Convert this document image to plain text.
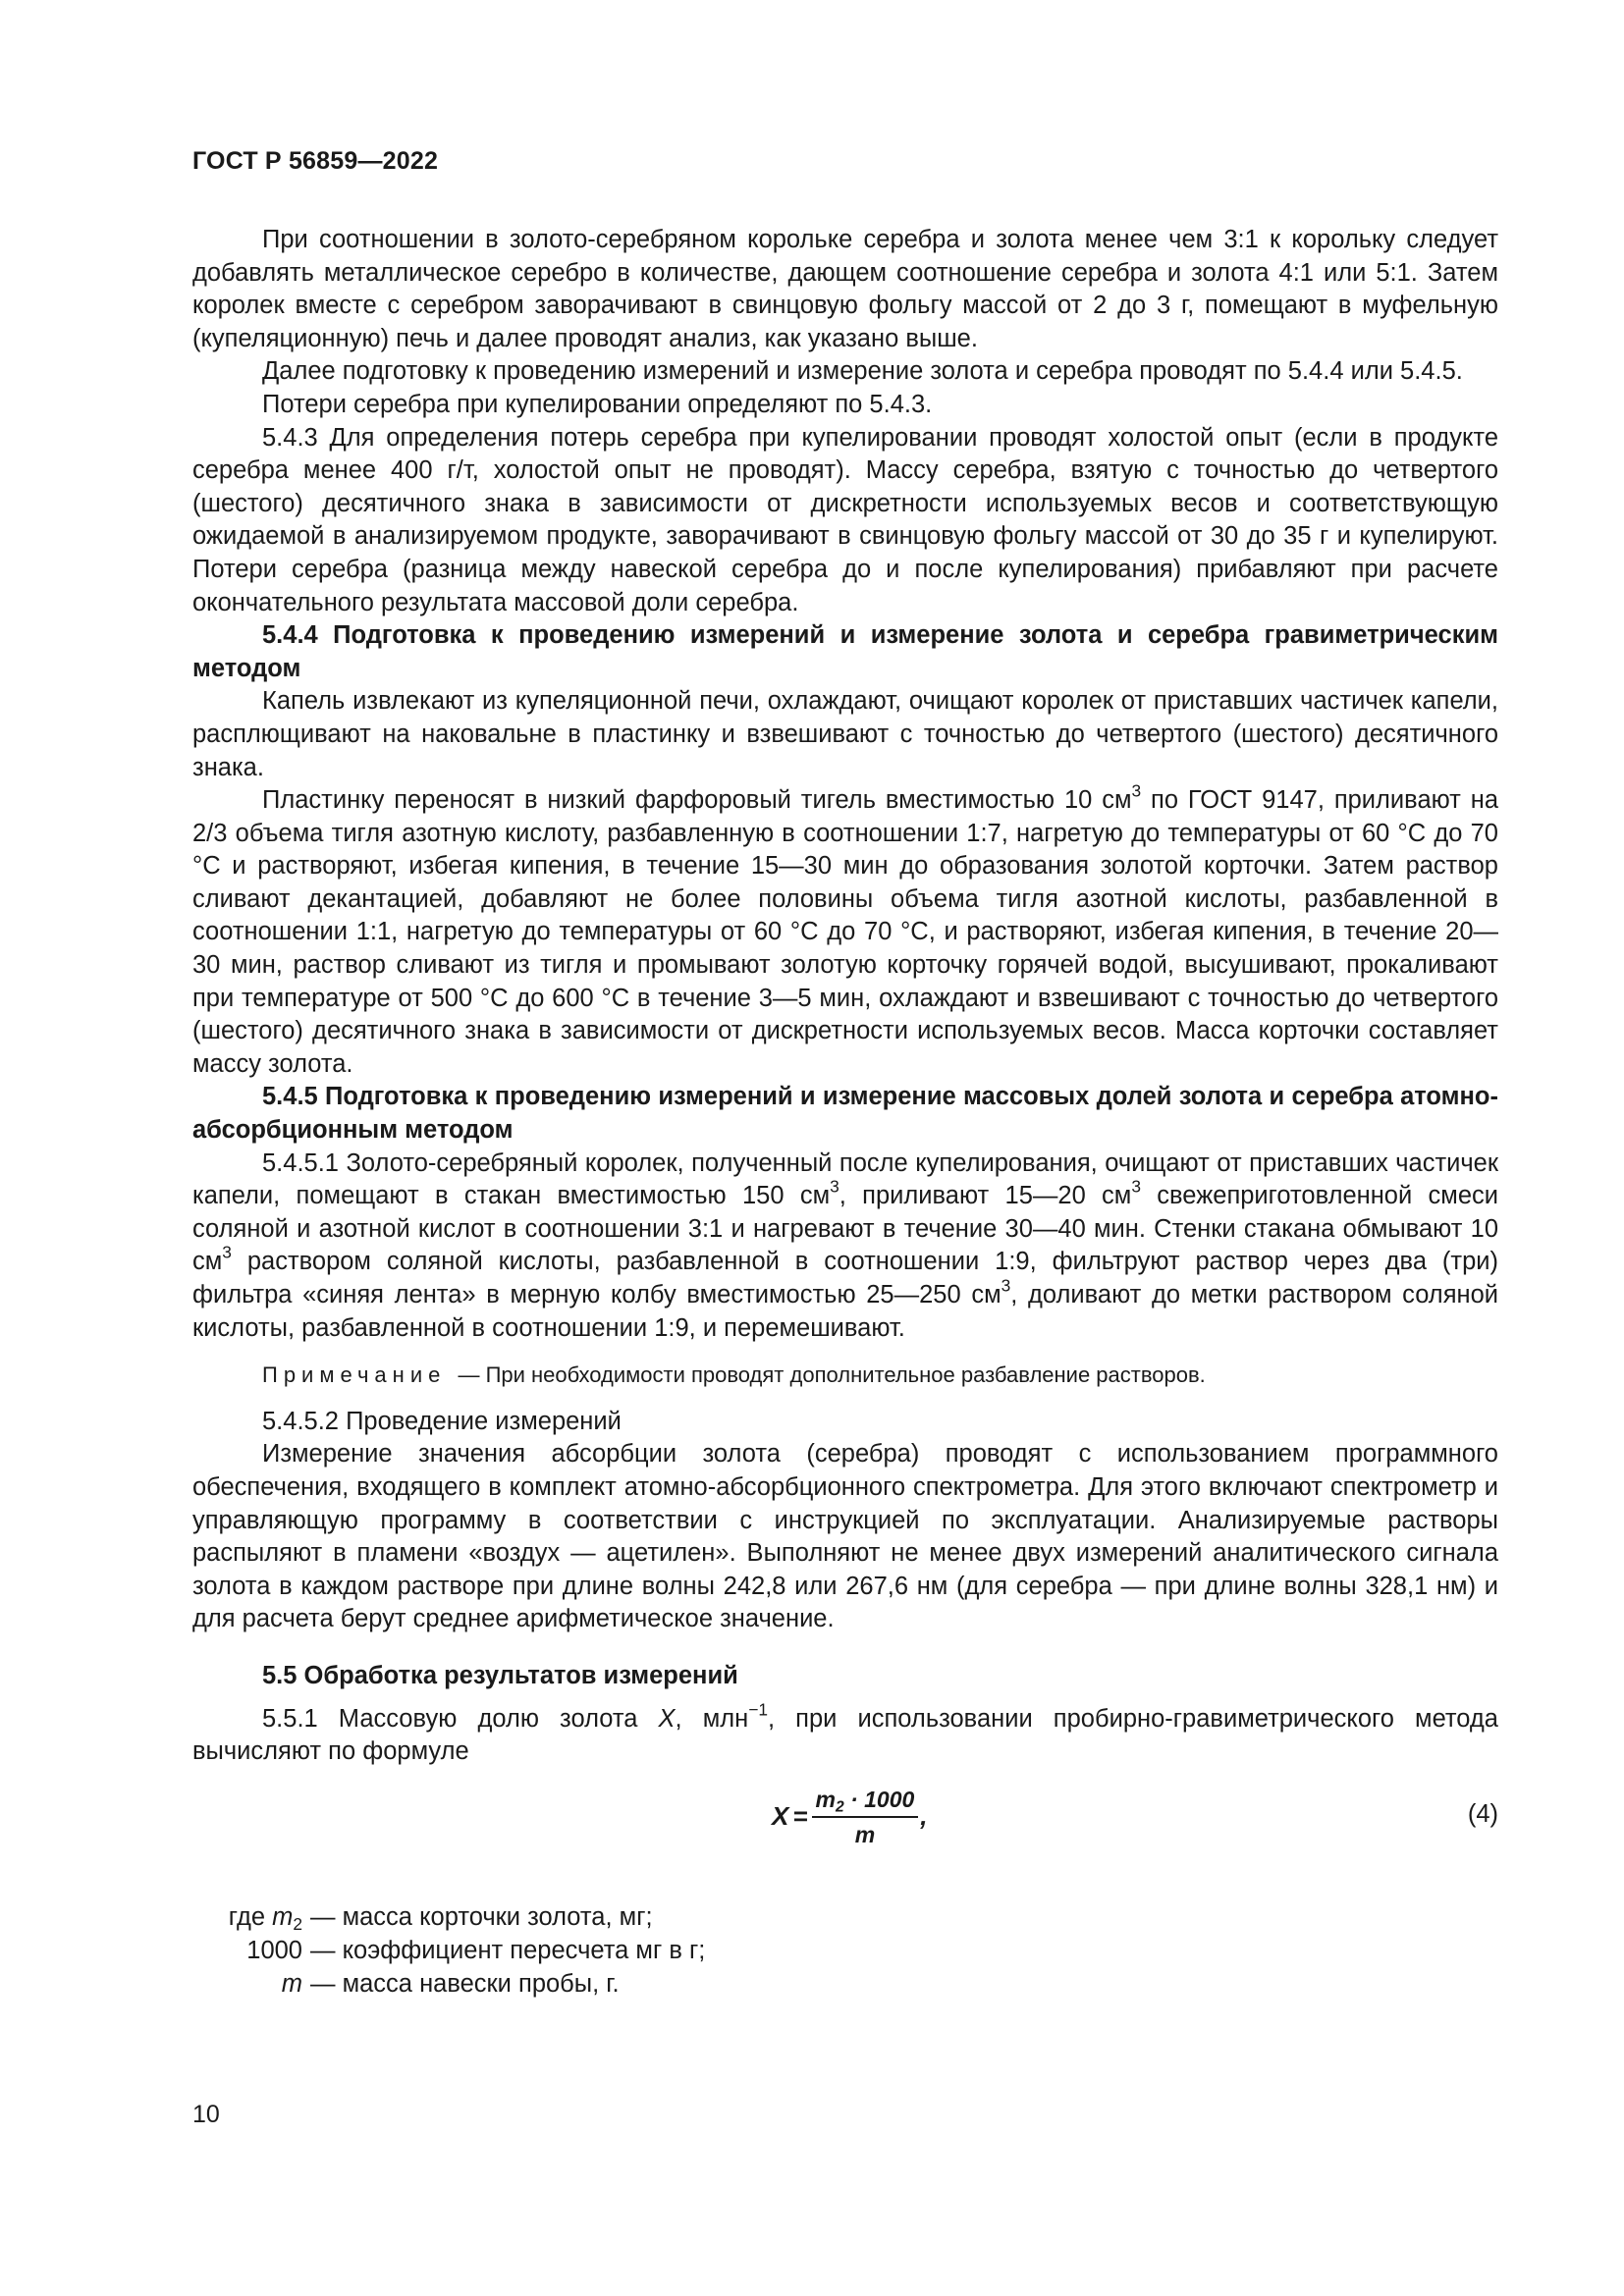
ГОСТ Р 56859—2022

При соотношении в золото-серебряном корольке серебра и золота менее чем 3:1 к корольку следует добавлять металлическое серебро в количестве, дающем соотношение серебра и золота 4:1 или 5:1. Затем королек вместе с серебром заворачивают в свинцовую фольгу массой от 2 до 3 г, помещают в муфельную (купеляционную) печь и далее проводят анализ, как указано выше.

Далее подготовку к проведению измерений и измерение золота и серебра проводят по 5.4.4 или 5.4.5.

Потери серебра при купелировании определяют по 5.4.3.

5.4.3 Для определения потерь серебра при купелировании проводят холостой опыт (если в продукте серебра менее 400 г/т, холостой опыт не проводят). Массу серебра, взятую с точностью до четвертого (шестого) десятичного знака в зависимости от дискретности используемых весов и соответствующую ожидаемой в анализируемом продукте, заворачивают в свинцовую фольгу массой от 30 до 35 г и купелируют. Потери серебра (разница между навеской серебра до и после купелирования) прибавляют при расчете окончательного результата массовой доли серебра.

5.4.4 Подготовка к проведению измерений и измерение золота и серебра гравиметрическим методом

Капель извлекают из купеляционной печи, охлаждают, очищают королек от приставших частичек капели, расплющивают на наковальне в пластинку и взвешивают с точностью до четвертого (шестого) десятичного знака.

Пластинку переносят в низкий фарфоровый тигель вместимостью 10 $см^3$ по ГОСТ 9147, приливают на 2/3 объема тигля азотную кислоту, разбавленную в соотношении 1:7, нагретую до температуры от 60 °С до 70 °С и растворяют, избегая кипения, в течение 15—30 мин до образования золотой корточки. Затем раствор сливают декантацией, добавляют не более половины объема тигля азотной кислоты, разбавленной в соотношении 1:1, нагретую до температуры от 60 °С до 70 °С, и растворяют, избегая кипения, в течение 20—30 мин, раствор сливают из тигля и промывают золотую корточку горячей водой, высушивают, прокаливают при температуре от 500 °С до 600 °С в течение 3—5 мин, охлаждают и взвешивают с точностью до четвертого (шестого) десятичного знака в зависимости от дискретности используемых весов. Масса корточки составляет массу золота.

5.4.5 Подготовка к проведению измерений и измерение массовых долей золота и серебра атомно-абсорбционным методом

5.4.5.1 Золото-серебряный королек, полученный после купелирования, очищают от приставших частичек капели, помещают в стакан вместимостью 150 $см^3$, приливают 15—20 $см^3$ свежеприготовленной смеси соляной и азотной кислот в соотношении 3:1 и нагревают в течение 30—40 мин. Стенки стакана обмывают 10 $см^3$ раствором соляной кислоты, разбавленной в соотношении 1:9, фильтруют раствор через два (три) фильтра «синяя лента» в мерную колбу вместимостью 25—250 $см^3$, доливают до метки раствором соляной кислоты, разбавленной в соотношении 1:9, и перемешивают.

Примечание — При необходимости проводят дополнительное разбавление растворов.

5.4.5.2 Проведение измерений

Измерение значения абсорбции золота (серебра) проводят с использованием программного обеспечения, входящего в комплект атомно-абсорбционного спектрометра. Для этого включают спектрометр и управляющую программу в соответствии с инструкцией по эксплуатации. Анализируемые растворы распыляют в пламени «воздух — ацетилен». Выполняют не менее двух измерений аналитического сигнала золота в каждом растворе при длине волны 242,8 или 267,6 нм (для серебра — при длине волны 328,1 нм) и для расчета берут среднее арифметическое значение.

5.5 Обработка результатов измерений

5.5.1 Массовую долю золота X, млн$^{-1}$, при использовании пробирно-гравиметрического метода вычисляют по формуле

$X = \frac{m_2 \cdot 1000}{m}$ ,	(4)
где $m_2$ — масса корточки золота, мг;
1000 — коэффициент пересчета мг в г;
m — масса навески пробы, г.
10
